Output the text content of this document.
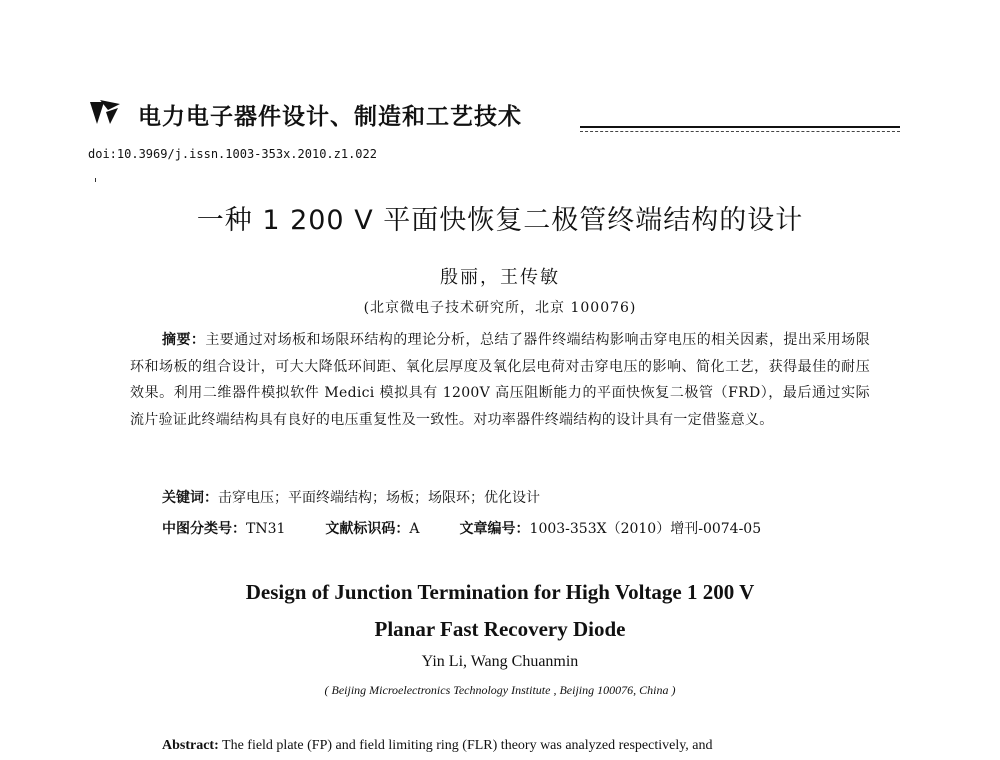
电力电子器件设计、制造和工艺技术
doi:10.3969/j.issn.1003-353x.2010.z1.022
一种 1 200 V 平面快恢复二极管终端结构的设计
殷丽，王传敏
(北京微电子技术研究所，北京 100076)

摘要：主要通过对场板和场限环结构的理论分析，总结了器件终端结构影响击穿电压的相关因素，提出采用场限环和场板的组合设计，可大大降低环间距、氧化层厚度及氧化层电荷对击穿电压的影响、简化工艺，获得最佳的耐压效果。利用二维器件模拟软件 Medici 模拟具有 1200V 高压阻断能力的平面快恢复二极管（FRD），最后通过实际流片验证此终端结构具有良好的电压重复性及一致性。对功率器件终端结构的设计具有一定借鉴意义。

关键词：击穿电压；平面终端结构；场板；场限环；优化设计
中图分类号：TN31	文献标识码：A	文章编号：1003-353X（2010）增刊-0074-05
Design of Junction Termination for High Voltage 1 200 V
Planar Fast Recovery Diode
Yin Li, Wang Chuanmin
( Beijing Microelectronics Technology Institute , Beijing 100076, China )
Abstract: The field plate (FP) and field limiting ring (FLR) theory was analyzed respectively, and
